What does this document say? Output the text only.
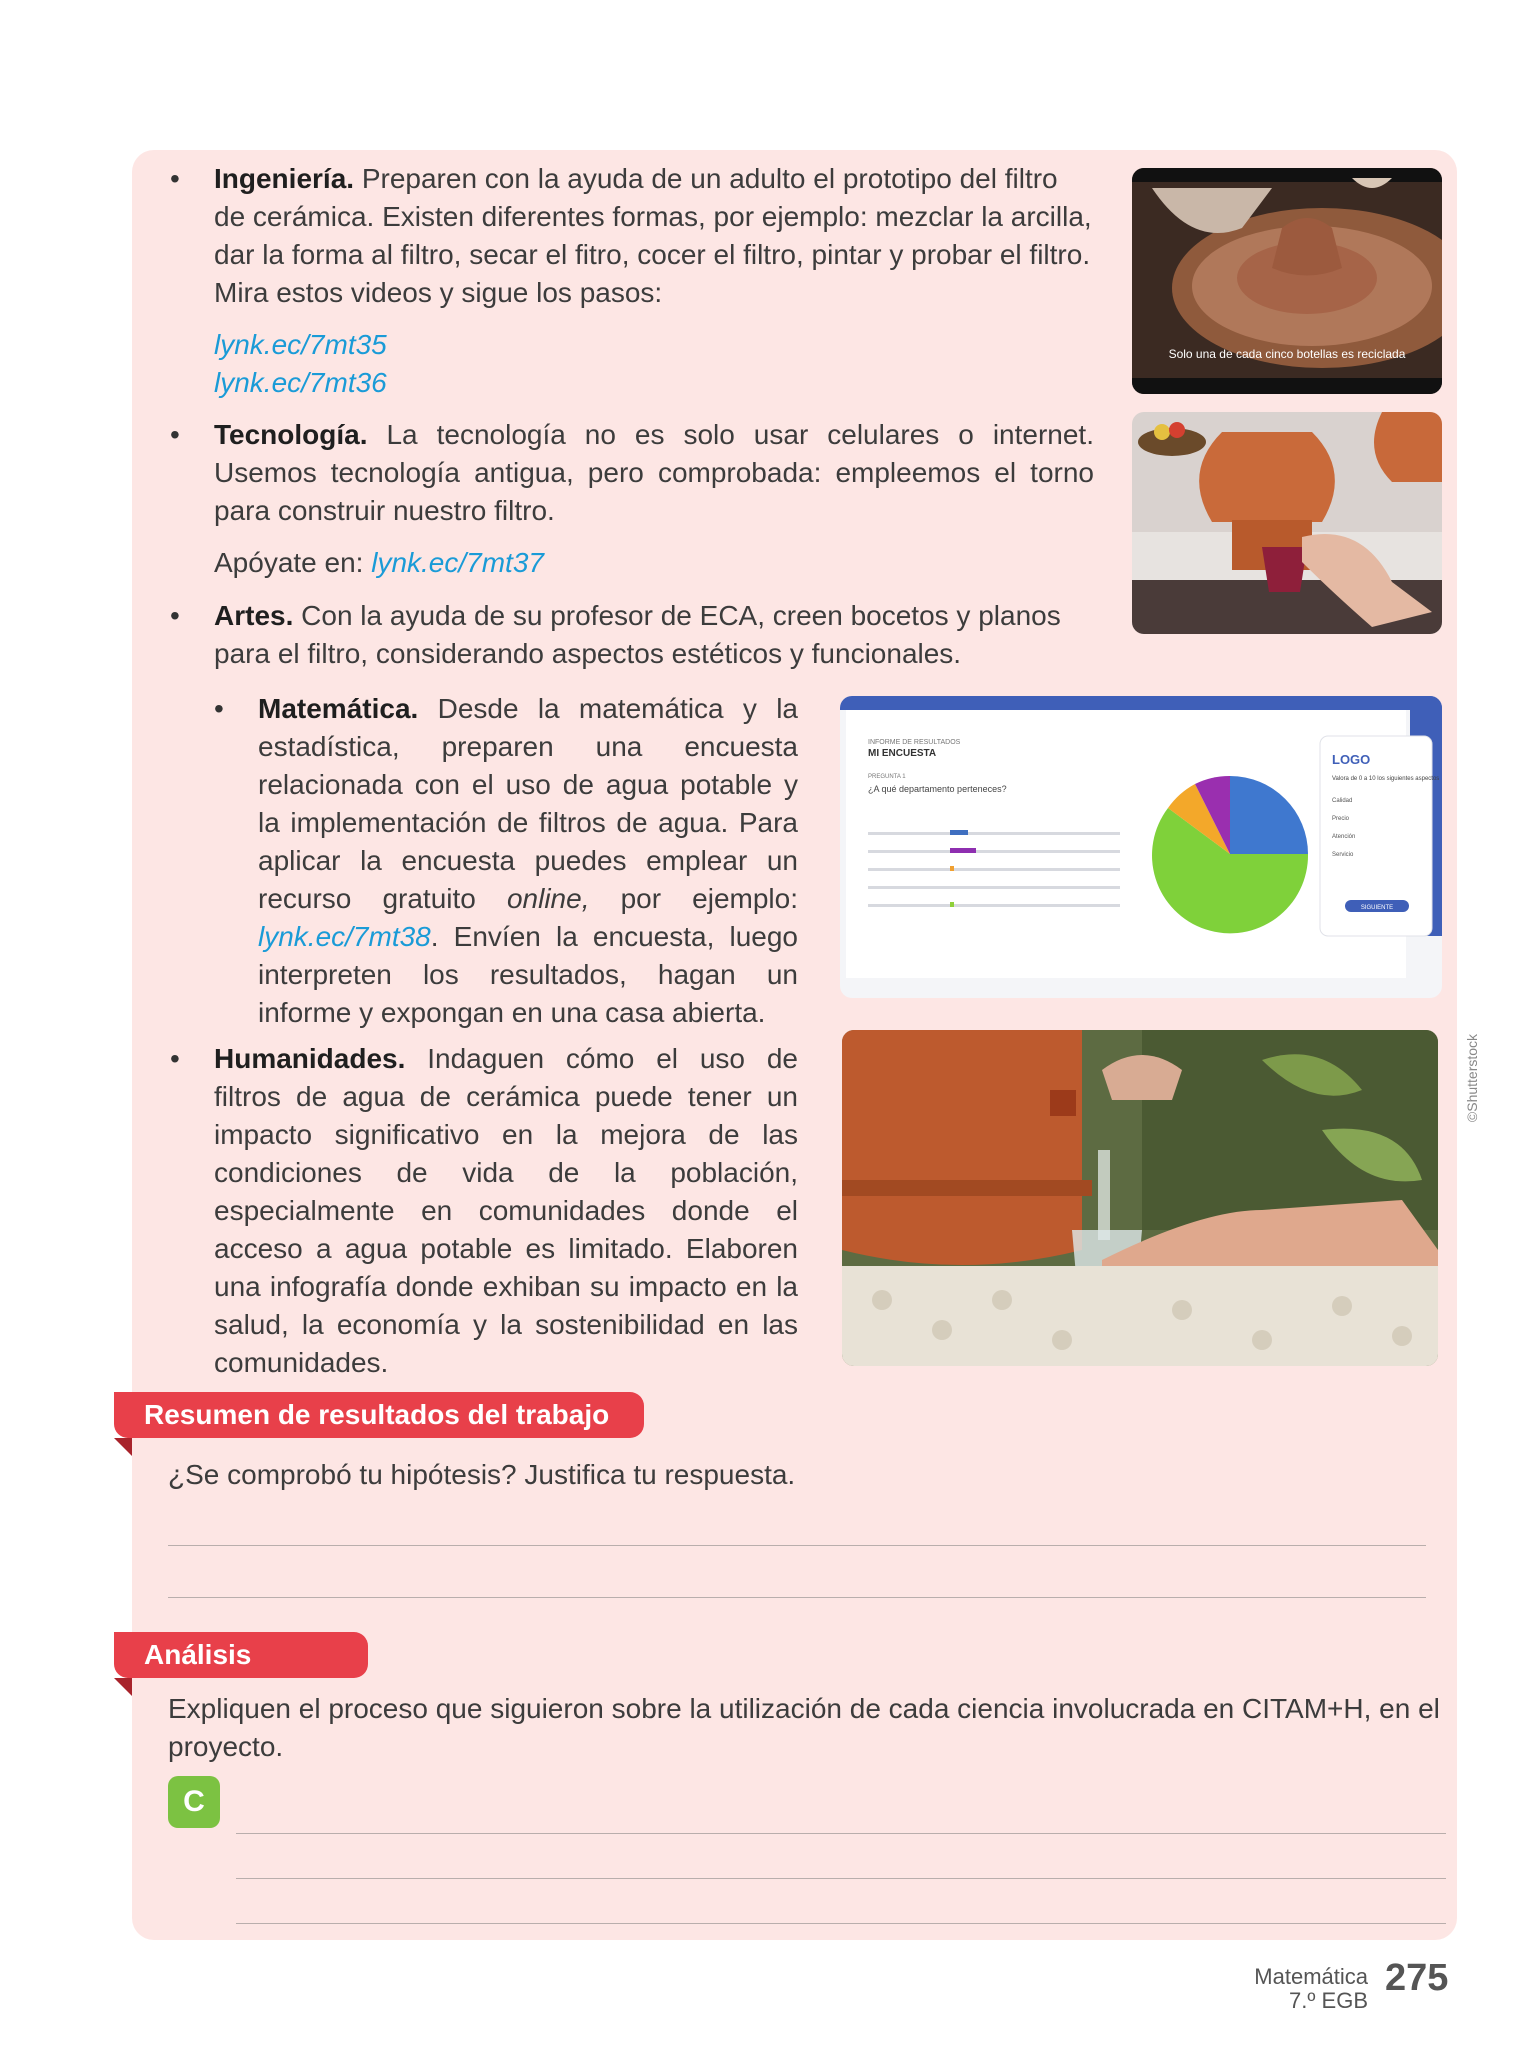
• Ingeniería. Preparen con la ayuda de un adulto el prototipo del filtro de cerámica. Existen diferentes formas, por ejemplo: mezclar la arcilla, dar la forma al filtro, secar el fitro, cocer el filtro, pintar y probar el filtro. Mira estos videos y sigue los pasos:
lynk.ec/7mt35
lynk.ec/7mt36
• Tecnología. La tecnología no es solo usar celulares o internet. Usemos tecnología antigua, pero comprobada: empleemos el torno para construir nuestro filtro.
Apóyate en: lynk.ec/7mt37
• Artes. Con la ayuda de su profesor de ECA, creen bocetos y planos para el filtro, considerando aspectos estéticos y funcionales.
• Matemática. Desde la matemática y la estadística, preparen una encuesta relacionada con el uso de agua potable y la implementación de filtros de agua. Para aplicar la encuesta puedes emplear un recurso gratuito online, por ejemplo: lynk.ec/7mt38. Envíen la encuesta, luego interpreten los resultados, hagan un informe y expongan en una casa abierta.
• Humanidades. Indaguen cómo el uso de filtros de agua de cerámica puede tener un impacto significativo en la mejora de las condiciones de vida de la población, especialmente en comunidades donde el acceso a agua potable es limitado. Elaboren una infografía donde exhiban su impacto en la salud, la economía y la sostenibilidad en las comunidades.
Solo una de cada cinco botellas es reciclada
INFORME DE RESULTADOS
MI ENCUESTA
PREGUNTA 1
¿A qué departamento perteneces?
LOGO
Valora de 0 a 10 los siguientes aspectos
Calidad
Precio
Atención
Servicio
SIGUIENTE
©Shutterstock
Resumen de resultados del trabajo
¿Se comprobó tu hipótesis? Justifica tu respuesta.
Análisis
Expliquen el proceso que siguieron sobre la utilización de cada ciencia involucrada en CITAM+H, en el proyecto.
C
Matemática
7.º EGB
275
